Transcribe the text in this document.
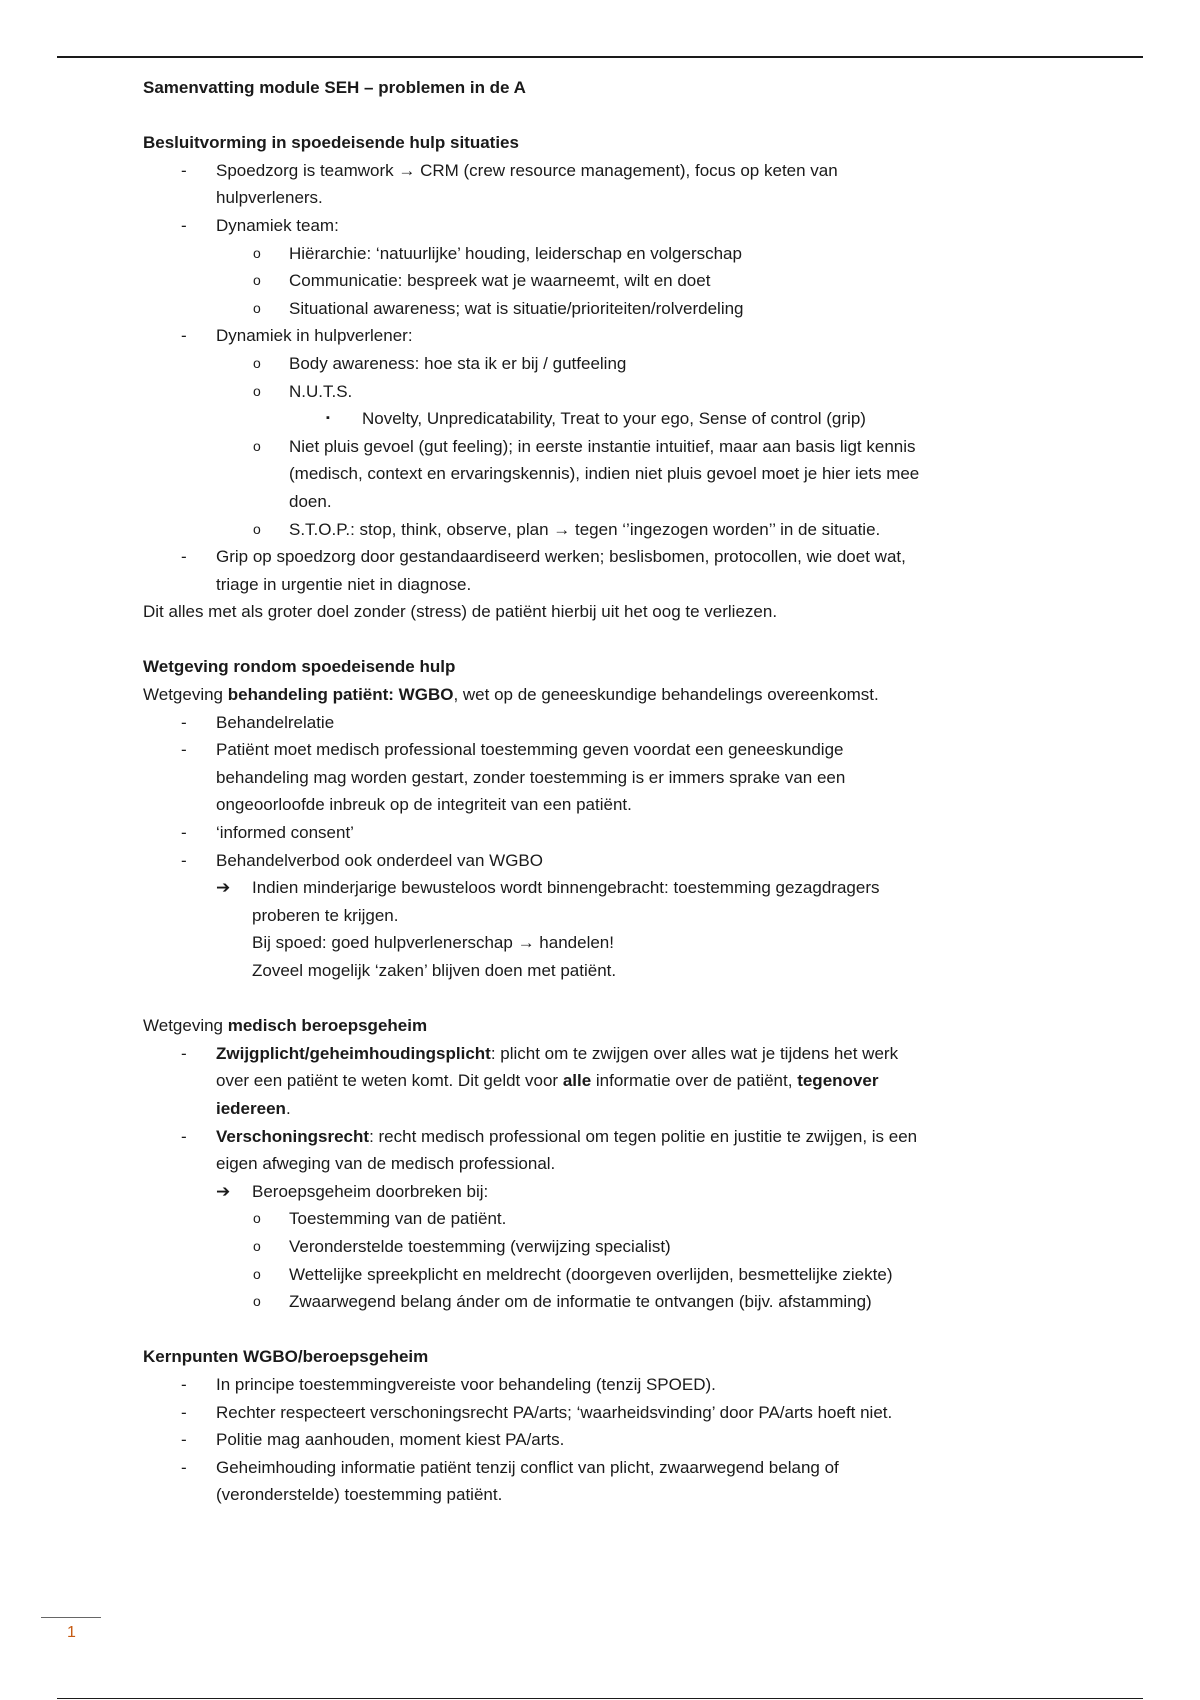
Samenvatting module SEH – problemen in de A
Besluitvorming in spoedeisende hulp situaties
- Spoedzorg is teamwork → CRM (crew resource management), focus op keten van
hulpverleners.
- Dynamiek team:
o Hiërarchie: ‘natuurlijke’ houding, leiderschap en volgerschap
o Communicatie: bespreek wat je waarneemt, wilt en doet
o Situational awareness; wat is situatie/prioriteiten/rolverdeling
- Dynamiek in hulpverlener:
o Body awareness: hoe sta ik er bij / gutfeeling
o N.U.T.S.
▪ Novelty, Unpredicatability, Treat to your ego, Sense of control (grip)
o Niet pluis gevoel (gut feeling); in eerste instantie intuitief, maar aan basis ligt kennis
(medisch, context en ervaringskennis), indien niet pluis gevoel moet je hier iets mee
doen.
o S.T.O.P.: stop, think, observe, plan → tegen ‘’ingezogen worden’’ in de situatie.
- Grip op spoedzorg door gestandaardiseerd werken; beslisbomen, protocollen, wie doet wat,
triage in urgentie niet in diagnose.
Dit alles met als groter doel zonder (stress) de patiënt hierbij uit het oog te verliezen.
Wetgeving rondom spoedeisende hulp
Wetgeving behandeling patiënt: WGBO, wet op de geneeskundige behandelings overeenkomst.
- Behandelrelatie
- Patiënt moet medisch professional toestemming geven voordat een geneeskundige
behandeling mag worden gestart, zonder toestemming is er immers sprake van een
ongeoorloofde inbreuk op de integriteit van een patiënt.
- ‘informed consent’
- Behandelverbod ook onderdeel van WGBO
➔ Indien minderjarige bewusteloos wordt binnengebracht: toestemming gezagdragers
proberen te krijgen.
Bij spoed: goed hulpverlenerschap → handelen!
Zoveel mogelijk ‘zaken’ blijven doen met patiënt.
Wetgeving medisch beroepsgeheim
- Zwijgplicht/geheimhoudingsplicht: plicht om te zwijgen over alles wat je tijdens het werk
over een patiënt te weten komt. Dit geldt voor alle informatie over de patiënt, tegenover
iedereen.
- Verschoningsrecht: recht medisch professional om tegen politie en justitie te zwijgen, is een
eigen afweging van de medisch professional.
➔ Beroepsgeheim doorbreken bij:
o Toestemming van de patiënt.
o Veronderstelde toestemming (verwijzing specialist)
o Wettelijke spreekplicht en meldrecht (doorgeven overlijden, besmettelijke ziekte)
o Zwaarwegend belang ánder om de informatie te ontvangen (bijv. afstamming)
Kernpunten WGBO/beroepsgeheim
- In principe toestemmingvereiste voor behandeling (tenzij SPOED).
- Rechter respecteert verschoningsrecht PA/arts; ‘waarheidsvinding’ door PA/arts hoeft niet.
- Politie mag aanhouden, moment kiest PA/arts.
- Geheimhouding informatie patiënt tenzij conflict van plicht, zwaarwegend belang of
(veronderstelde) toestemming patiënt.
1
